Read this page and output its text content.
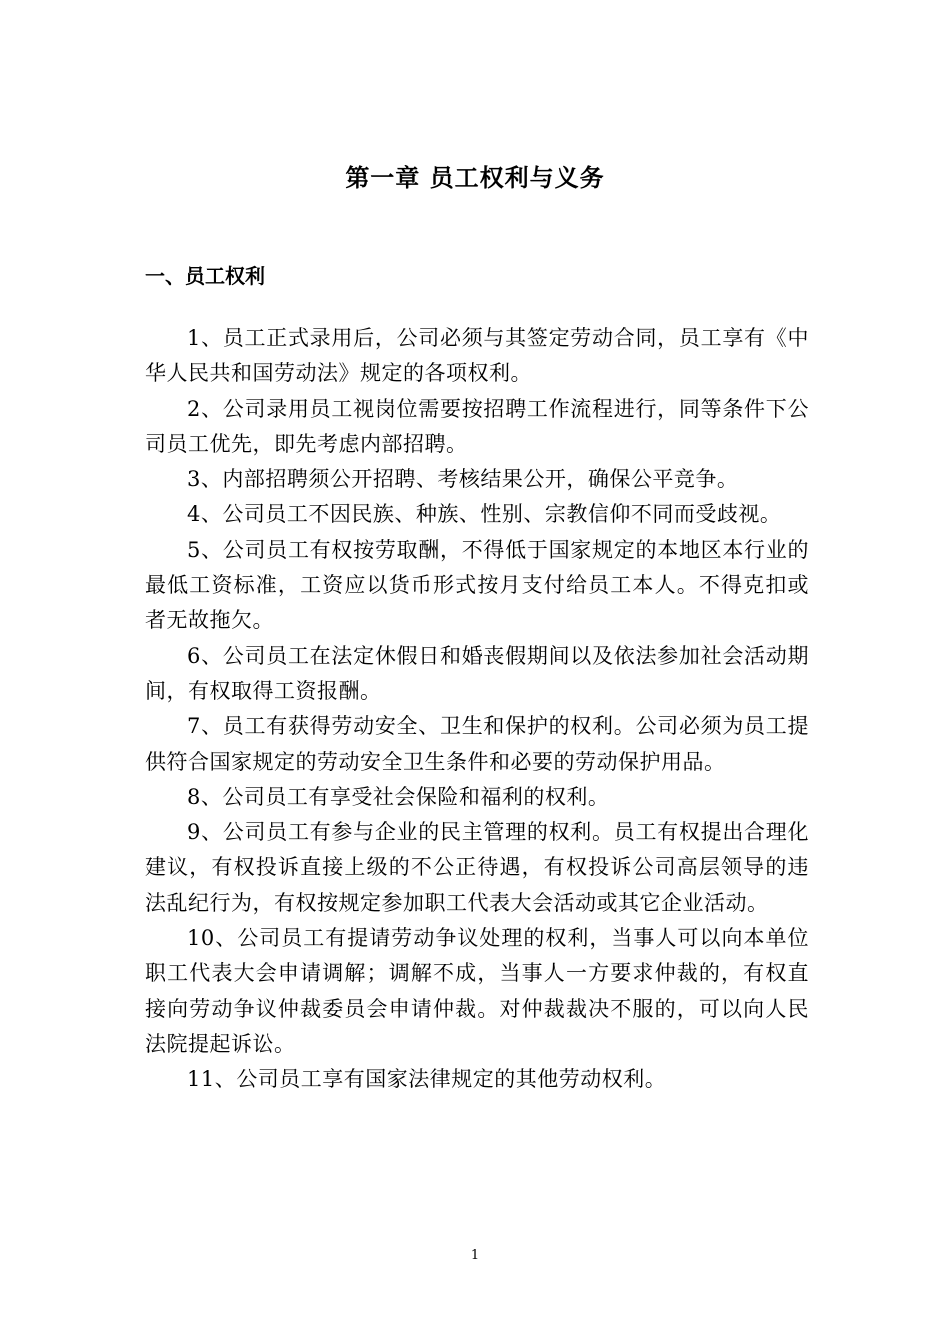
第一章 员工权利与义务
一、员工权利

1、员工正式录用后，公司必须与其签定劳动合同，员工享有《中华人民共和国劳动法》规定的各项权利。

2、公司录用员工视岗位需要按招聘工作流程进行，同等条件下公司员工优先，即先考虑内部招聘。

3、内部招聘须公开招聘、考核结果公开，确保公平竞争。

4、公司员工不因民族、种族、性别、宗教信仰不同而受歧视。

5、公司员工有权按劳取酬，不得低于国家规定的本地区本行业的最低工资标准，工资应以货币形式按月支付给员工本人。不得克扣或者无故拖欠。

6、公司员工在法定休假日和婚丧假期间以及依法参加社会活动期间，有权取得工资报酬。

7、员工有获得劳动安全、卫生和保护的权利。公司必须为员工提供符合国家规定的劳动安全卫生条件和必要的劳动保护用品。

8、公司员工有享受社会保险和福利的权利。

9、公司员工有参与企业的民主管理的权利。员工有权提出合理化建议，有权投诉直接上级的不公正待遇，有权投诉公司高层领导的违法乱纪行为，有权按规定参加职工代表大会活动或其它企业活动。

10、公司员工有提请劳动争议处理的权利，当事人可以向本单位职工代表大会申请调解；调解不成，当事人一方要求仲裁的，有权直接向劳动争议仲裁委员会申请仲裁。对仲裁裁决不服的，可以向人民法院提起诉讼。

11、公司员工享有国家法律规定的其他劳动权利。

1
